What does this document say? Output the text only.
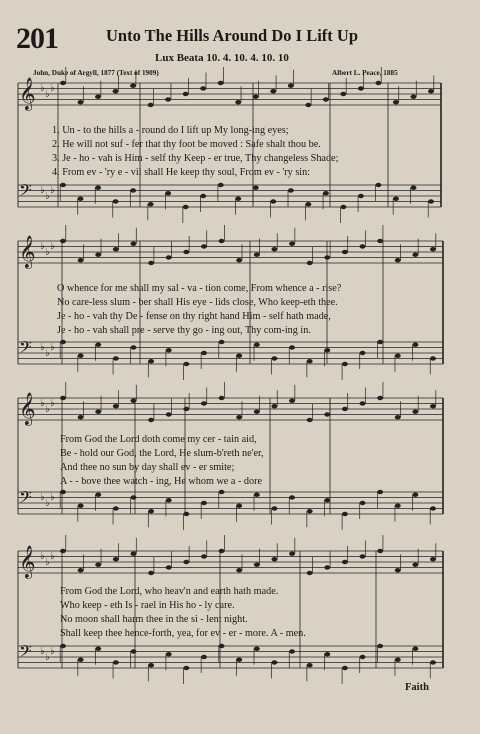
201	Unto The Hills Around Do I Lift Up
Lux Beata 10. 4. 10. 4. 10. 10
John, Duke of Argyll, 1877 (Text of 1909)	Albert L. Peace, 1885
𝄞 ♭
♭
♭
𝄢 ♭
♭
♭
𝄞 ♭
♭
♭
𝄢 ♭
♭
♭
𝄞 ♭
♭
♭
𝄢 ♭
♭
♭
𝄞 ♭
♭
♭
𝄢 ♭
♭
♭
1. Un - to the hills a - round do I lift up My long-ing eyes;
2. He will not suf - fer that thy foot be moved : Safe shalt thou be.
3. Je - ho - vah is Him - self thy Keep - er true, Thy changeless Shade;
4. From ev - 'ry e - vil shall He keep thy soul, From ev - 'ry sin:
O whence for me shall my sal - va - tion come, From whence a - rise?
No care-less slum - ber shall His eye - lids close, Who keep-eth thee.
Je - ho - vah thy De - fense on thy right hand Him - self hath made,
Je - ho - vah shall pre - serve thy go - ing out, Thy com-ing in.
From God the Lord doth come my cer - tain aid,
Be - hold our God, the Lord, He slum-b'reth ne'er,
And thee no sun by day shall ev - er smite;
A - - bove thee watch - ing, He whom we a - dore
From God the Lord, who heav'n and earth hath made.
Who keep - eth Is - rael in His ho - ly care.
No moon shall harm thee in the si - lent night.
Shall keep thee hence-forth, yea, for ev - er - more. A - men.
Faith
